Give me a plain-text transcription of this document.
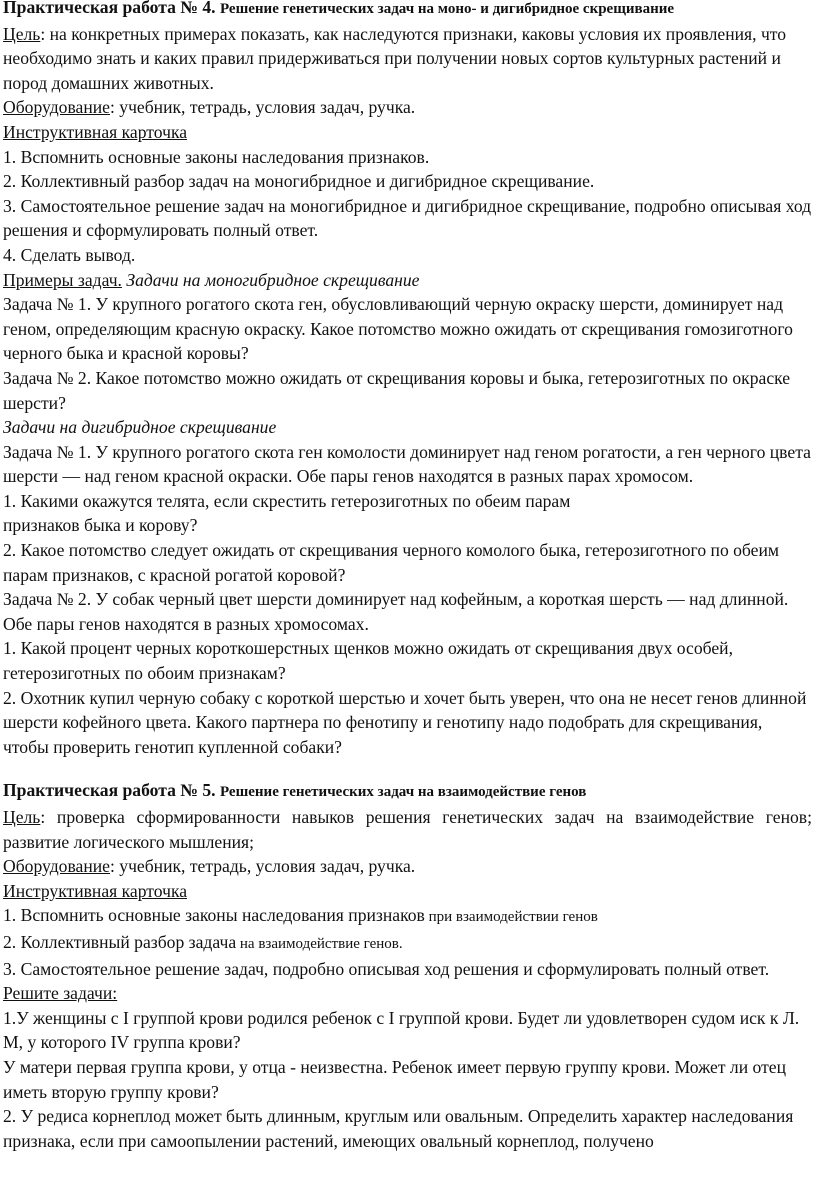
Практическая работа № 4. Решение генетических задач на моно- и дигибридное скрещивание

Цель: на конкретных примерах показать, как наследуются признаки, каковы условия их проявления, что необходимо знать и каких правил придерживаться при получении новых сортов культурных растений и пород домашних животных.

Оборудование: учебник, тетрадь, условия задач, ручка.

Инструктивная карточка

1. Вспомнить основные законы наследования признаков.

2. Коллективный разбор задач на моногибридное и дигибридное скрещивание.

3. Самостоятельное решение задач на моногибридное и дигибридное скрещивание, подробно описывая ход решения и сформулировать полный ответ.

4. Сделать вывод.

Примеры задач. Задачи на моногибридное скрещивание

Задача № 1. У крупного рогатого скота ген, обусловливающий черную окраску шерсти, доминирует над геном, определяющим красную окраску. Какое потомство можно ожидать от скрещивания гомозиготного черного быка и красной коровы?

Задача № 2. Какое потомство можно ожидать от скрещивания коровы и быка, гетерозиготных по окраске шерсти?

Задачи на дигибридное скрещивание

Задача № 1. У крупного рогатого скота ген комолости доминирует над геном рогатости, а ген черного цвета шерсти — над геном красной окраски. Обе пары генов находятся в разных парах хромосом.

1. Какими окажутся телята, если скрестить гетерозиготных по обеим парам

признаков быка и корову?

2. Какое потомство следует ожидать от скрещивания черного комолого быка, гетерозиготного по обеим парам признаков, с красной рогатой коровой?

Задача № 2. У собак черный цвет шерсти доминирует над кофейным, а короткая шерсть — над длинной. Обе пары генов находятся в разных хромосомах.

1. Какой процент черных короткошерстных щенков можно ожидать от скрещивания двух особей, гетерозиготных по обоим признакам?

2. Охотник купил черную собаку с короткой шерстью и хочет быть уверен, что она не несет генов длинной шерсти кофейного цвета. Какого партнера по фенотипу и генотипу надо подобрать для скрещивания, чтобы проверить генотип купленной собаки?

Практическая работа № 5. Решение генетических задач на взаимодействие генов

Цель: проверка сформированности навыков решения генетических задач на взаимодействие генов;

развитие логического мышления;

Оборудование: учебник, тетрадь, условия задач, ручка.

Инструктивная карточка

1. Вспомнить основные законы наследования признаков при взаимодействии генов

2. Коллективный разбор задача на взаимодействие генов.

3. Самостоятельное решение задач, подробно описывая ход решения и сформулировать полный ответ.

Решите задачи:

1.У женщины с I группой крови родился ребенок с I группой крови. Будет ли удовлетворен судом иск к Л. М, у которого IV группа крови?

У матери первая группа крови, у отца - неизвестна. Ребенок имеет первую группу крови. Может ли отец иметь вторую группу крови?

2. У редиса корнеплод может быть длинным, круглым или овальным. Определить характер наследования признака, если при самоопылении растений, имеющих овальный корнеплод, получено
